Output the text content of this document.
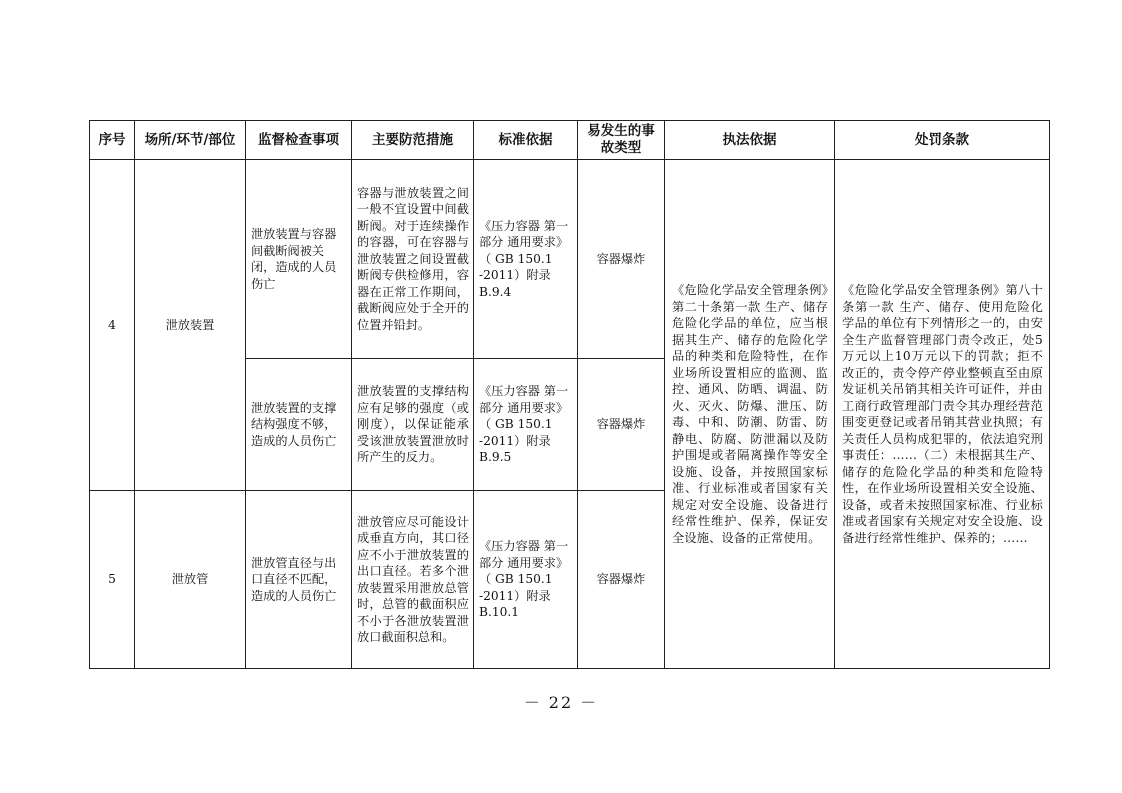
序号	场所/环节/部位	监督检查事项	主要防范措施	标准依据	易发生的事故类型	执法依据	处罚条款
4	泄放装置	泄放装置与容器间截断阀被关闭，造成的人员伤亡	容器与泄放装置之间一般不宜设置中间截断阀。对于连续操作的容器，可在容器与泄放装置之间设置截断阀专供检修用，容器在正常工作期间，截断阀应处于全开的位置并铅封。	《压力容器 第一部分 通用要求》（ GB 150.1 -2011）附录 B.9.4	容器爆炸	《危险化学品安全管理条例》第二十条第一款 生产、储存危险化学品的单位，应当根据其生产、储存的危险化学品的种类和危险特性，在作业场所设置相应的监测、监控、通风、防晒、调温、防火、灭火、防爆、泄压、防毒、中和、防潮、防雷、防静电、防腐、防泄漏以及防护围堤或者隔离操作等安全设施、设备，并按照国家标准、行业标准或者国家有关规定对安全设施、设备进行经常性维护、保养，保证安全设施、设备的正常使用。	《危险化学品安全管理条例》第八十条第一款 生产、储存、使用危险化学品的单位有下列情形之一的，由安全生产监督管理部门责令改正，处5万元以上10万元以下的罚款；拒不改正的，责令停产停业整顿直至由原发证机关吊销其相关许可证件，并由工商行政管理部门责令其办理经营范围变更登记或者吊销其营业执照；有关责任人员构成犯罪的，依法追究刑事责任：……（二）未根据其生产、储存的危险化学品的种类和危险特性，在作业场所设置相关安全设施、设备，或者未按照国家标准、行业标准或者国家有关规定对安全设施、设备进行经常性维护、保养的；……
		泄放装置的支撑结构强度不够，造成的人员伤亡	泄放装置的支撑结构应有足够的强度（或刚度），以保证能承受该泄放装置泄放时所产生的反力。	《压力容器 第一部分 通用要求》（ GB 150.1 -2011）附录 B.9.5	容器爆炸		
5	泄放管	泄放管直径与出口直径不匹配，造成的人员伤亡	泄放管应尽可能设计成垂直方向，其口径应不小于泄放装置的出口直径。若多个泄放装置采用泄放总管时，总管的截面积应不小于各泄放装置泄放口截面积总和。	《压力容器 第一部分 通用要求》（ GB 150.1 -2011）附录 B.10.1	容器爆炸		
－ 22 －
